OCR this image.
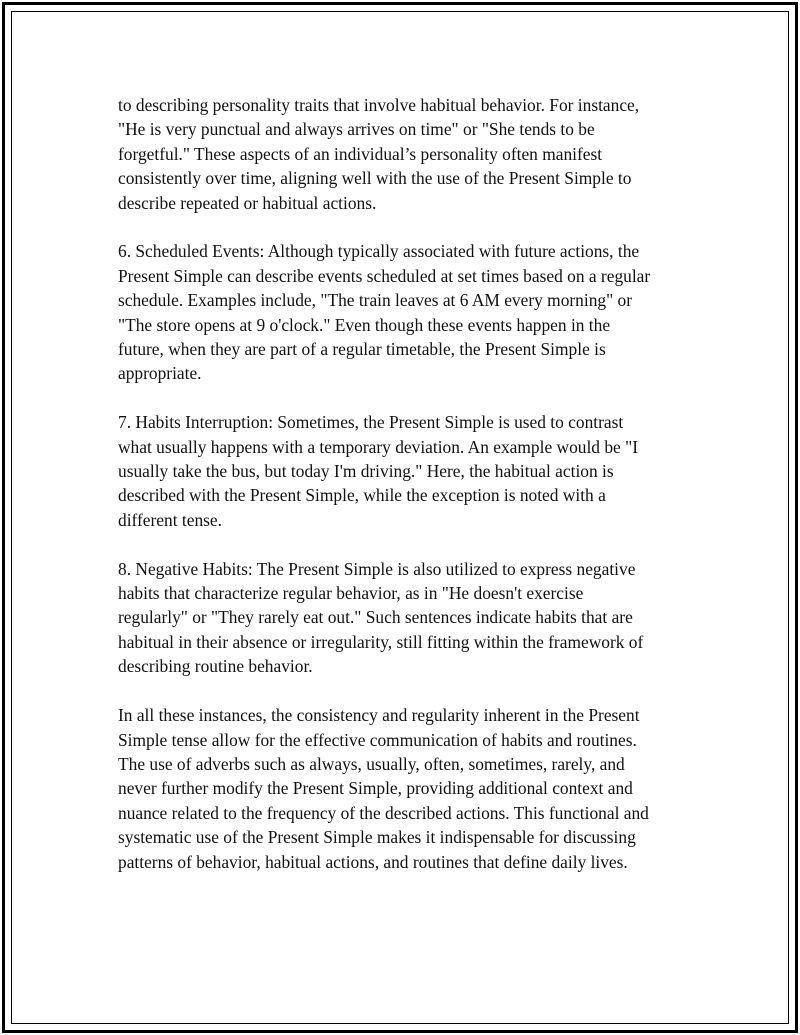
to describing personality traits that involve habitual behavior. For instance,
"He is very punctual and always arrives on time" or "She tends to be
forgetful." These aspects of an individual’s personality often manifest
consistently over time, aligning well with the use of the Present Simple to
describe repeated or habitual actions.

6. Scheduled Events: Although typically associated with future actions, the
Present Simple can describe events scheduled at set times based on a regular
schedule. Examples include, "The train leaves at 6 AM every morning" or
"The store opens at 9 o'clock." Even though these events happen in the
future, when they are part of a regular timetable, the Present Simple is
appropriate.

7. Habits Interruption: Sometimes, the Present Simple is used to contrast
what usually happens with a temporary deviation. An example would be "I
usually take the bus, but today I'm driving." Here, the habitual action is
described with the Present Simple, while the exception is noted with a
different tense.

8. Negative Habits: The Present Simple is also utilized to express negative
habits that characterize regular behavior, as in "He doesn't exercise
regularly" or "They rarely eat out." Such sentences indicate habits that are
habitual in their absence or irregularity, still fitting within the framework of
describing routine behavior.

In all these instances, the consistency and regularity inherent in the Present
Simple tense allow for the effective communication of habits and routines.
The use of adverbs such as always, usually, often, sometimes, rarely, and
never further modify the Present Simple, providing additional context and
nuance related to the frequency of the described actions. This functional and
systematic use of the Present Simple makes it indispensable for discussing
patterns of behavior, habitual actions, and routines that define daily lives.
